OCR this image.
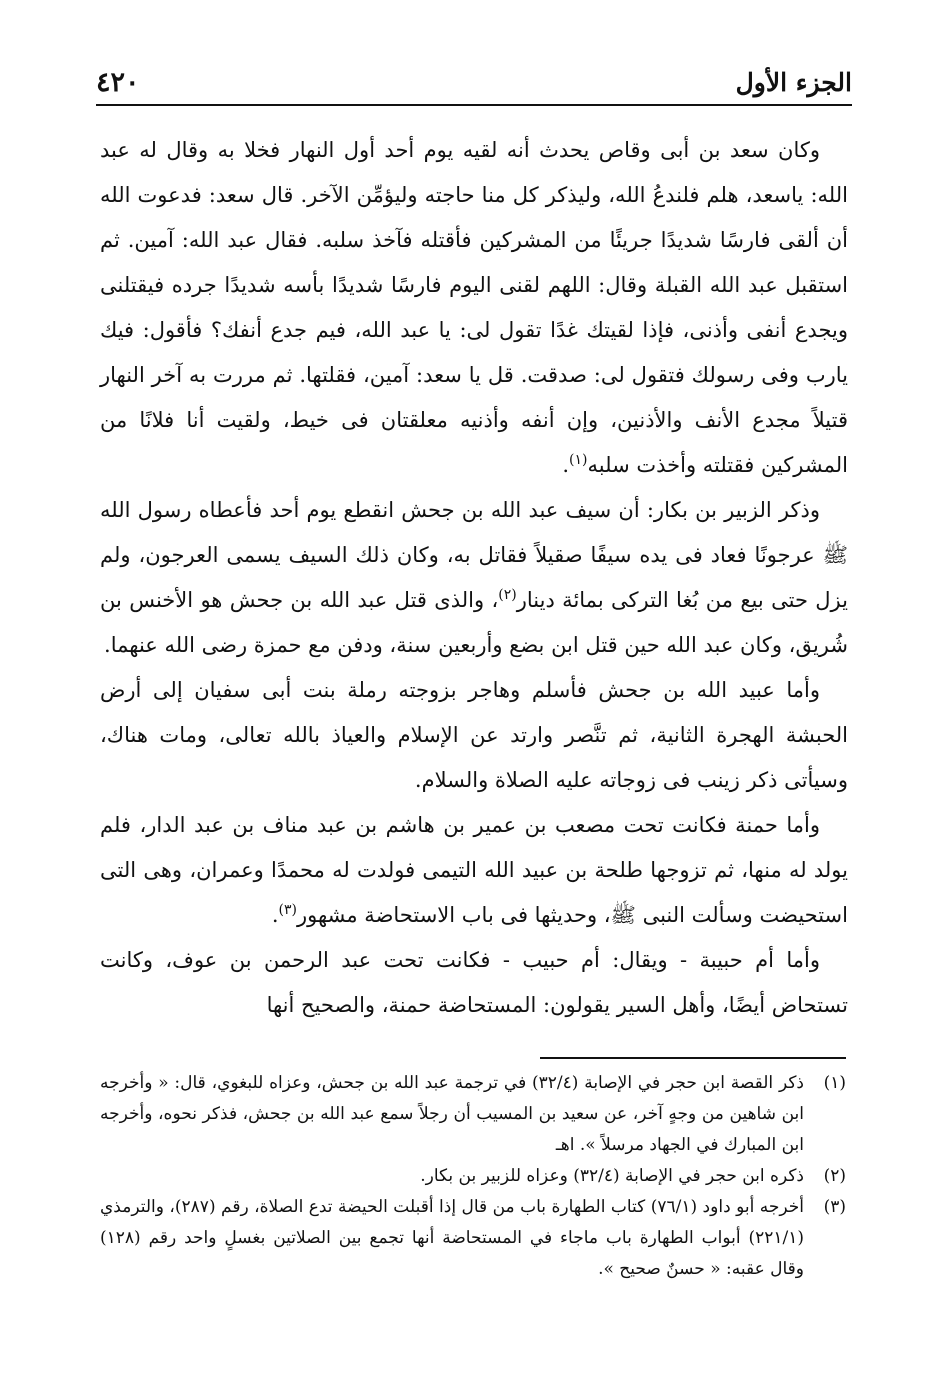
الجزء الأول
٤٢٠

وكان سعد بن أبى وقاص يحدث أنه لقيه يوم أحد أول النهار فخلا به وقال له عبد الله: ياسعد، هلم فلندعُ الله، وليذكر كل منا حاجته وليؤمِّن الآخر. قال سعد: فدعوت الله أن ألقى فارسًا شديدًا جريئًا من المشركين فأقتله فآخذ سلبه. فقال عبد الله: آمين. ثم استقبل عبد الله القبلة وقال: اللهم لقنى اليوم فارسًا شديدًا بأسه شديدًا جرده فيقتلنى ويجدع أنفى وأذنى، فإذا لقيتك غدًا تقول لى: يا عبد الله، فيم جدع أنفك؟ فأقول: فيك يارب وفى رسولك فتقول لى: صدقت. قل يا سعد: آمين، فقلتها. ثم مررت به آخر النهار قتيلاً مجدع الأنف والأذنين، وإن أنفه وأذنيه معلقتان فى خيط، ولقيت أنا فلانًا من المشركين فقتلته وأخذت سلبه$^{(١)}$.

وذكر الزبير بن بكار: أن سيف عبد الله بن جحش انقطع يوم أحد فأعطاه رسول الله ﷺ عرجونًا فعاد فى يده سيفًا صقيلاً فقاتل به، وكان ذلك السيف يسمى العرجون، ولم يزل حتى بيع من بُغا التركى بمائة دينار$^{(٢)}$، والذى قتل عبد الله بن جحش هو الأخنس بن شُريق، وكان عبد الله حين قتل ابن بضع وأربعين سنة، ودفن مع حمزة رضى الله عنهما.

وأما عبيد الله بن جحش فأسلم وهاجر بزوجته رملة بنت أبى سفيان إلى أرض الحبشة الهجرة الثانية، ثم تنَّصر وارتد عن الإسلام والعياذ بالله تعالى، ومات هناك، وسيأتى ذكر زينب فى زوجاته عليه الصلاة والسلام.

وأما حمنة فكانت تحت مصعب بن عمير بن هاشم بن عبد مناف بن عبد الدار، فلم يولد له منها، ثم تزوجها طلحة بن عبيد الله التيمى فولدت له محمدًا وعمران، وهى التى استحيضت وسألت النبى ﷺ، وحديثها فى باب الاستحاضة مشهور$^{(٣)}$.

وأما أم حبيبة - ويقال: أم حبيب - فكانت تحت عبد الرحمن بن عوف، وكانت تستحاض أيضًا، وأهل السير يقولون: المستحاضة حمنة، والصحيح أنها

(١)
ذكر القصة ابن حجر في الإصابة (٣٢/٤) في ترجمة عبد الله بن جحش، وعزاه للبغوي، قال: « وأخرجه ابن شاهين من وجهٍ آخر، عن سعيد بن المسيب أن رجلاً سمع عبد الله بن جحش، فذكر نحوه، وأخرجه ابن المبارك في الجهاد مرسلاً ». اهـ
(٢)
ذكره ابن حجر في الإصابة (٣٢/٤) وعزاه للزبير بن بكار.
(٣)
أخرجه أبو داود (٧٦/١) كتاب الطهارة باب من قال إذا أقبلت الحيضة تدع الصلاة، رقم (٢٨٧)، والترمذي (٢٢١/١) أبواب الطهارة باب ماجاء في المستحاضة أنها تجمع بين الصلاتين بغسلٍ واحد رقم (١٢٨) وقال عقبه: « حسنٌ صحيح ».
